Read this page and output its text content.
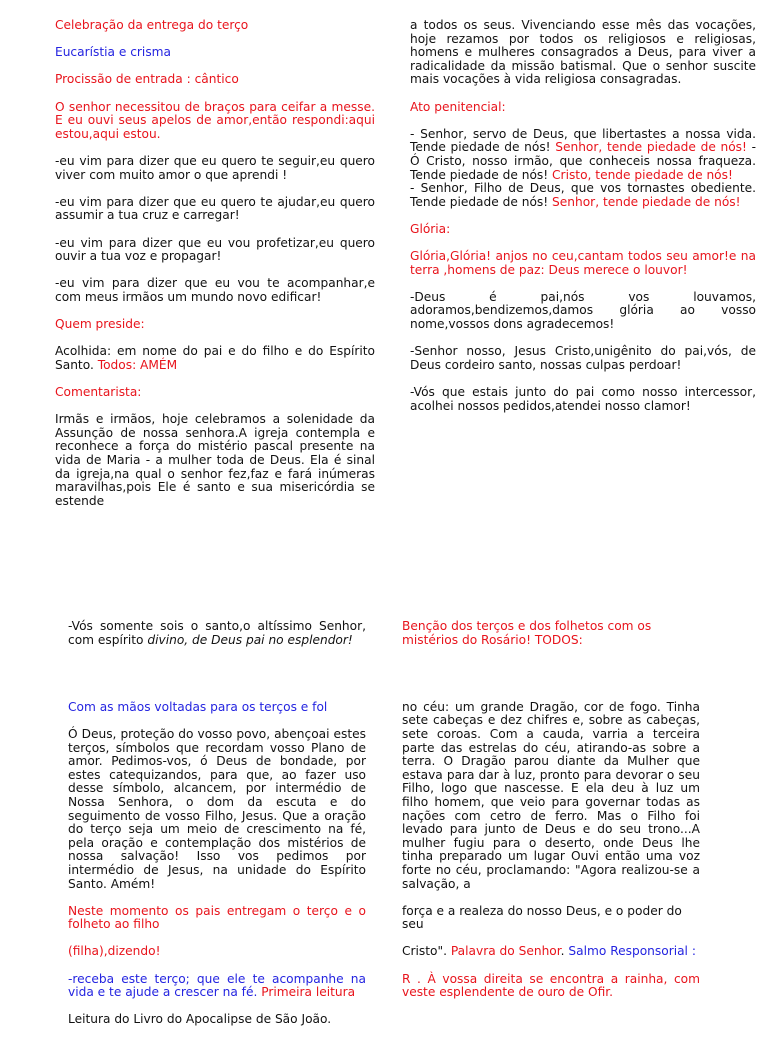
Celebração da entrega do terço

Eucarístia e crisma

Procissão de entrada : cântico

O senhor necessitou de braços para ceifar a messe. E eu ouvi seus apelos de amor,então respondi:aqui estou,aqui estou.

-eu vim para dizer que eu quero te seguir,eu quero viver com muito amor o que aprendi !

-eu vim para dizer que eu quero te ajudar,eu quero assumir a tua cruz e carregar!

-eu vim para dizer que eu vou profetizar,eu quero ouvir a tua voz e propagar!

-eu vim para dizer que eu vou te acompanhar,e com meus irmãos um mundo novo edificar!

Quem preside:

Acolhida: em nome do pai e do filho e do Espírito Santo. Todos: AMÉM

Comentarista:

Irmãs e irmãos, hoje celebramos a solenidade da Assunção de nossa senhora.A igreja contempla e reconhece a força do mistério pascal presente na vida de Maria - a mulher toda de Deus. Ela é sinal da igreja,na qual o senhor fez,faz e fará inúmeras maravilhas,pois Ele é santo e sua misericórdia se estende

a todos os seus. Vivenciando esse mês das vocações, hoje rezamos por todos os religiosos e religiosas, homens e mulheres consagrados a Deus, para viver a radicalidade da missão batismal. Que o senhor suscite mais vocações à vida religiosa consagradas.

Ato penitencial:

- Senhor, servo de Deus, que libertastes a nossa vida. Tende piedade de nós! Senhor, tende piedade de nós! - Ó Cristo, nosso irmão, que conheceis nossa fraqueza. Tende piedade de nós! Cristo, tende piedade de nós!
- Senhor, Filho de Deus, que vos tornastes obediente. Tende piedade de nós! Senhor, tende piedade de nós!

Glória:

Glória,Glória! anjos no ceu,cantam todos seu amor!e na terra ,homens de paz: Deus merece o louvor!

-Deus é pai,nós vos louvamos, adoramos,bendizemos,damos glória ao vosso nome,vossos dons agradecemos!

-Senhor nosso, Jesus Cristo,unigênito do pai,vós, de Deus cordeiro santo, nossas culpas perdoar!

-Vós que estais junto do pai como nosso intercessor, acolhei nossos pedidos,atendei nosso clamor!

-Vós somente sois o santo,o altíssimo Senhor, com espírito divino, de Deus pai no esplendor!

Com as mãos voltadas para os terços e fol

Ó Deus, proteção do vosso povo, abençoai estes terços, símbolos que recordam vosso Plano de amor. Pedimos-vos, ó Deus de bondade, por estes catequizandos, para que, ao fazer uso desse símbolo, alcancem, por intermédio de Nossa Senhora, o dom da escuta e do seguimento de vosso Filho, Jesus. Que a oração do terço seja um meio de crescimento na fé, pela oração e contemplação dos mistérios de nossa salvação! Isso vos pedimos por intermédio de Jesus, na unidade do Espírito Santo. Amém!

Neste momento os pais entregam o terço e o folheto ao filho

(filha),dizendo!

-receba este terço; que ele te acompanhe na vida e te ajude a crescer na fé. Primeira leitura

Leitura do Livro do Apocalipse de São João.

Benção dos terços e dos folhetos com os mistérios do Rosário! TODOS:

no céu: um grande Dragão, cor de fogo. Tinha sete cabeças e dez chifres e, sobre as cabeças, sete coroas. Com a cauda, varria a terceira parte das estrelas do céu, atirando-as sobre a terra. O Dragão parou diante da Mulher que estava para dar à luz, pronto para devorar o seu Filho, logo que nascesse. E ela deu à luz um filho homem, que veio para governar todas as nações com cetro de ferro. Mas o Filho foi levado para junto de Deus e do seu trono...A mulher fugiu para o deserto, onde Deus lhe tinha preparado um lugar Ouvi então uma voz forte no céu, proclamando: "Agora realizou-se a salvação, a

força e a realeza do nosso Deus, e o poder do seu

Cristo". Palavra do Senhor. Salmo Responsorial :

R . À vossa direita se encontra a rainha, com veste esplendente de ouro de Ofir.
